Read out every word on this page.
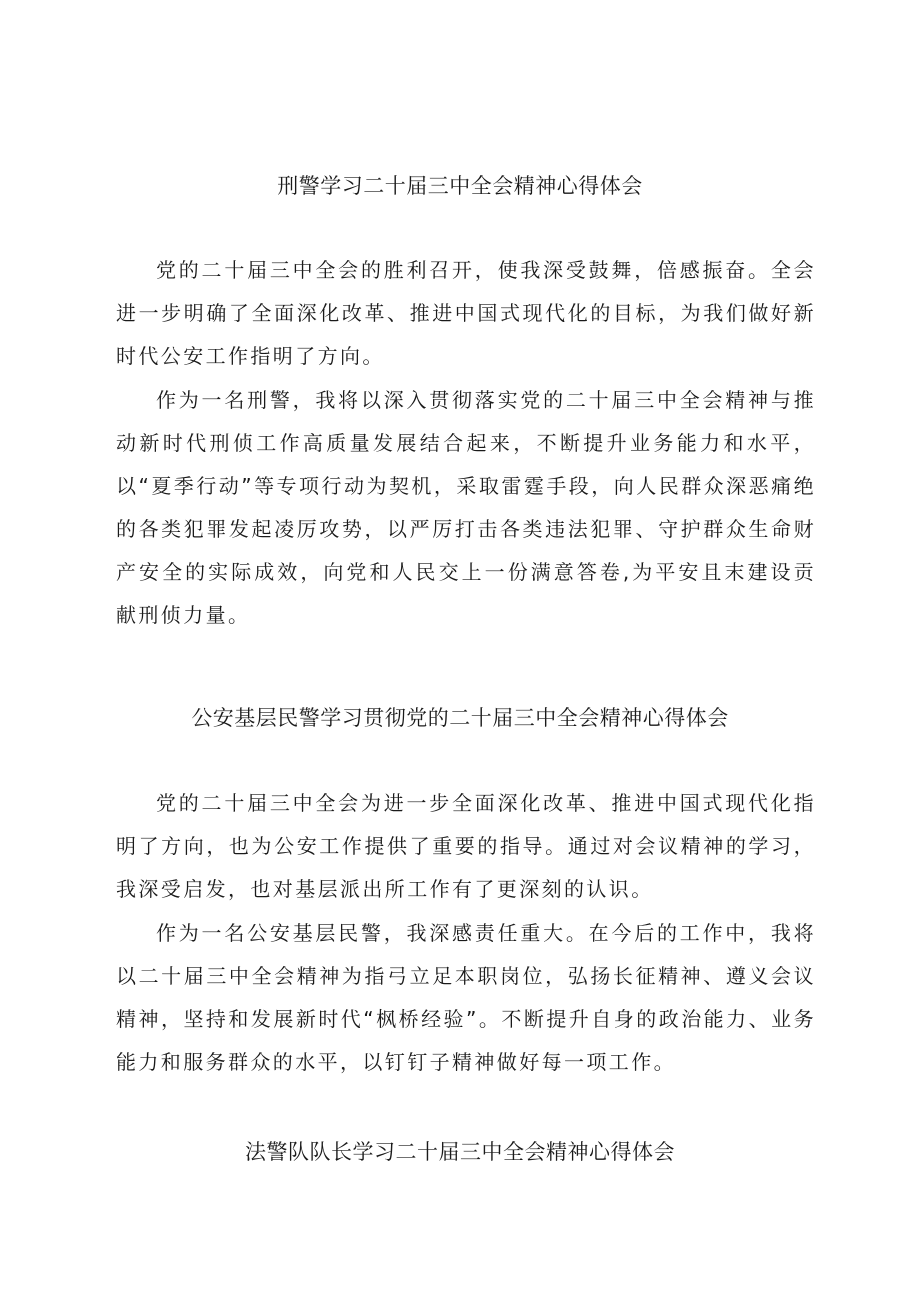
刑警学习二十届三中全会精神心得体会

党的二十届三中全会的胜利召开，使我深受鼓舞，倍感振奋。全会进一步明确了全面深化改革、推进中国式现代化的目标，为我们做好新时代公安工作指明了方向。

作为一名刑警，我将以深入贯彻落实党的二十届三中全会精神与推动新时代刑侦工作高质量发展结合起来，不断提升业务能力和水平，以“夏季行动”等专项行动为契机，采取雷霆手段，向人民群众深恶痛绝的各类犯罪发起凌厉攻势，以严厉打击各类违法犯罪、守护群众生命财产安全的实际成效，向党和人民交上一份满意答卷,为平安且末建设贡献刑侦力量。

公安基层民警学习贯彻党的二十届三中全会精神心得体会

党的二十届三中全会为进一步全面深化改革、推进中国式现代化指明了方向，也为公安工作提供了重要的指导。通过对会议精神的学习，我深受启发，也对基层派出所工作有了更深刻的认识。

作为一名公安基层民警，我深感责任重大。在今后的工作中，我将以二十届三中全会精神为指弓立足本职岗位，弘扬长征精神、遵义会议精神，坚持和发展新时代“枫桥经验”。不断提升自身的政治能力、业务能力和服务群众的水平，以钉钉子精神做好每一项工作。

法警队队长学习二十届三中全会精神心得体会
